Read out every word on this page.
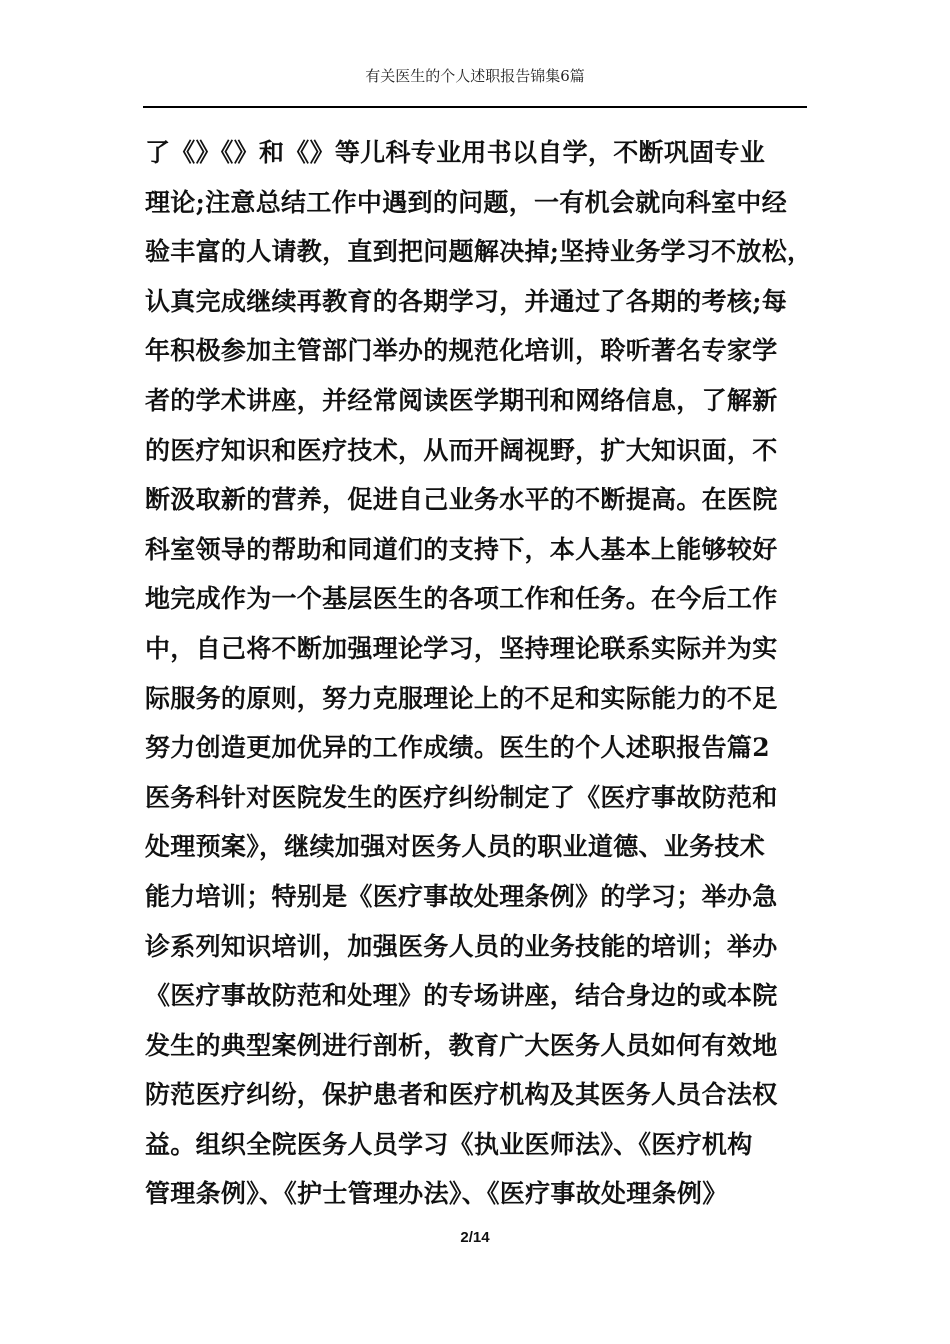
有关医生的个人述职报告锦集6篇
了《》《》和《》等儿科专业用书以自学，不断巩固专业
理论;注意总结工作中遇到的问题，一有机会就向科室中经
验丰富的人请教，直到把问题解决掉;坚持业务学习不放松，
认真完成继续再教育的各期学习，并通过了各期的考核;每
年积极参加主管部门举办的规范化培训，聆听著名专家学
者的学术讲座，并经常阅读医学期刊和网络信息，了解新
的医疗知识和医疗技术，从而开阔视野，扩大知识面，不
断汲取新的营养，促进自己业务水平的不断提高。在医院
科室领导的帮助和同道们的支持下，本人基本上能够较好
地完成作为一个基层医生的各项工作和任务。在今后工作
中，自己将不断加强理论学习，坚持理论联系实际并为实
际服务的原则，努力克服理论上的不足和实际能力的不足
努力创造更加优异的工作成绩。医生的个人述职报告篇2
医务科针对医院发生的医疗纠纷制定了《医疗事故防范和
处理预案》，继续加强对医务人员的职业道德、业务技术
能力培训；特别是《医疗事故处理条例》的学习；举办急
诊系列知识培训，加强医务人员的业务技能的培训；举办
《医疗事故防范和处理》的专场讲座，结合身边的或本院
发生的典型案例进行剖析，教育广大医务人员如何有效地
防范医疗纠纷，保护患者和医疗机构及其医务人员合法权
益。组织全院医务人员学习《执业医师法》、《医疗机构
管理条例》、《护士管理办法》、《医疗事故处理条例》
2/14
